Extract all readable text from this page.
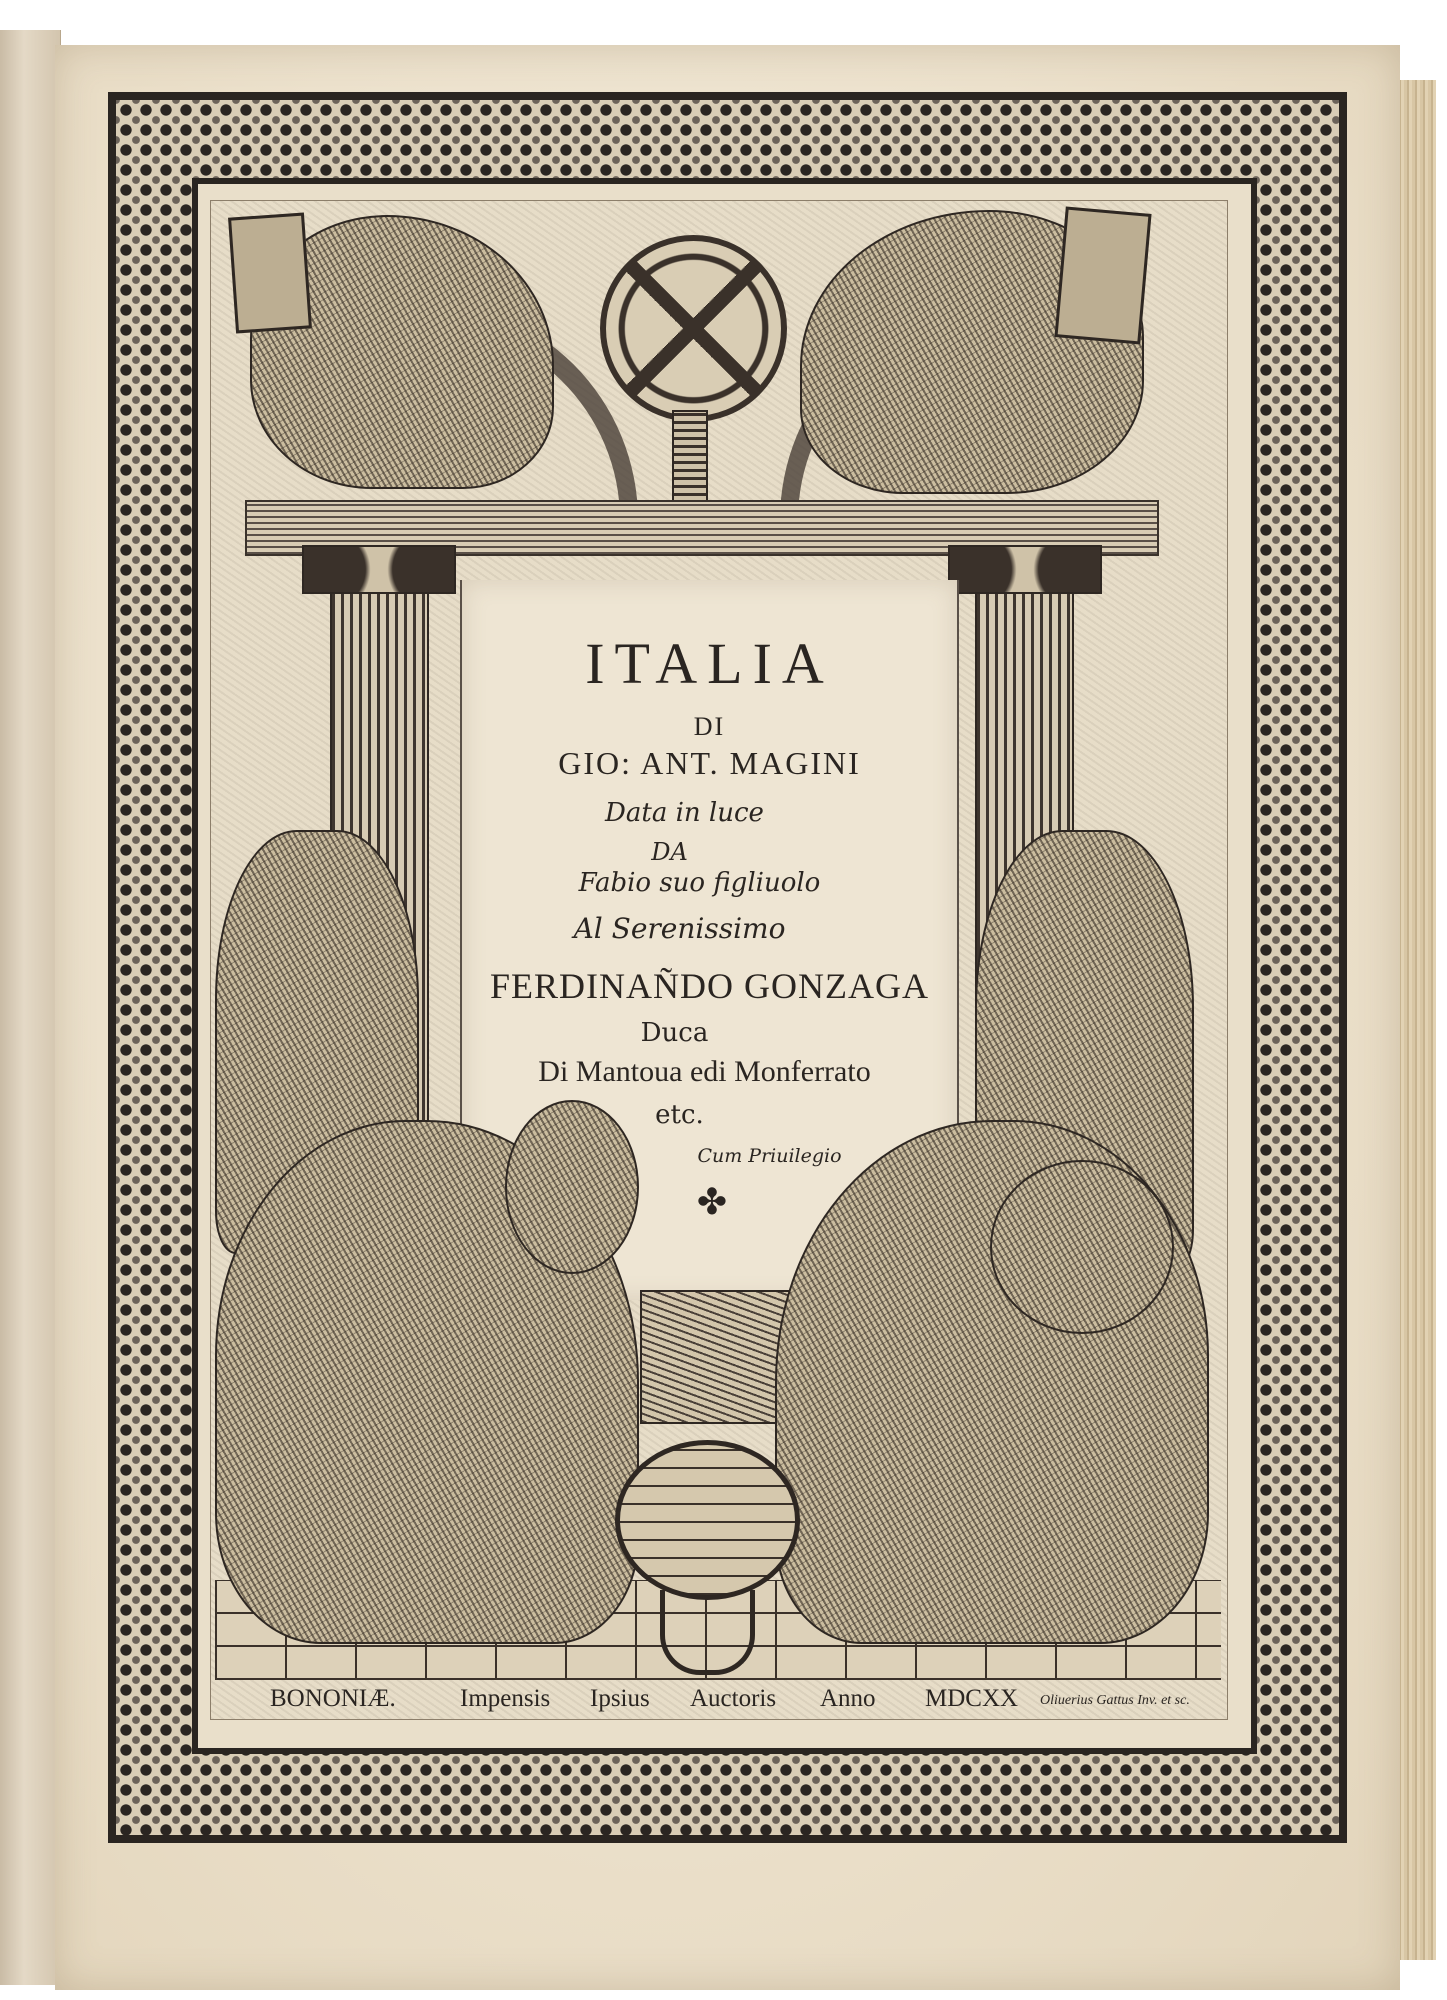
ITALIA
DI
GIO: ANT. MAGINI
Data in luce
DA
Fabio suo figliuolo
Al Serenissimo
FERDINAÑDO GONZAGA
Duca
Di Mantoua edi Monferrato
etc.
Cum Priuilegio
✤
BONONIÆ.	Impensis Ipsius Auctoris Anno MDCXX Oliuerius Gattus Inv. et sc.
